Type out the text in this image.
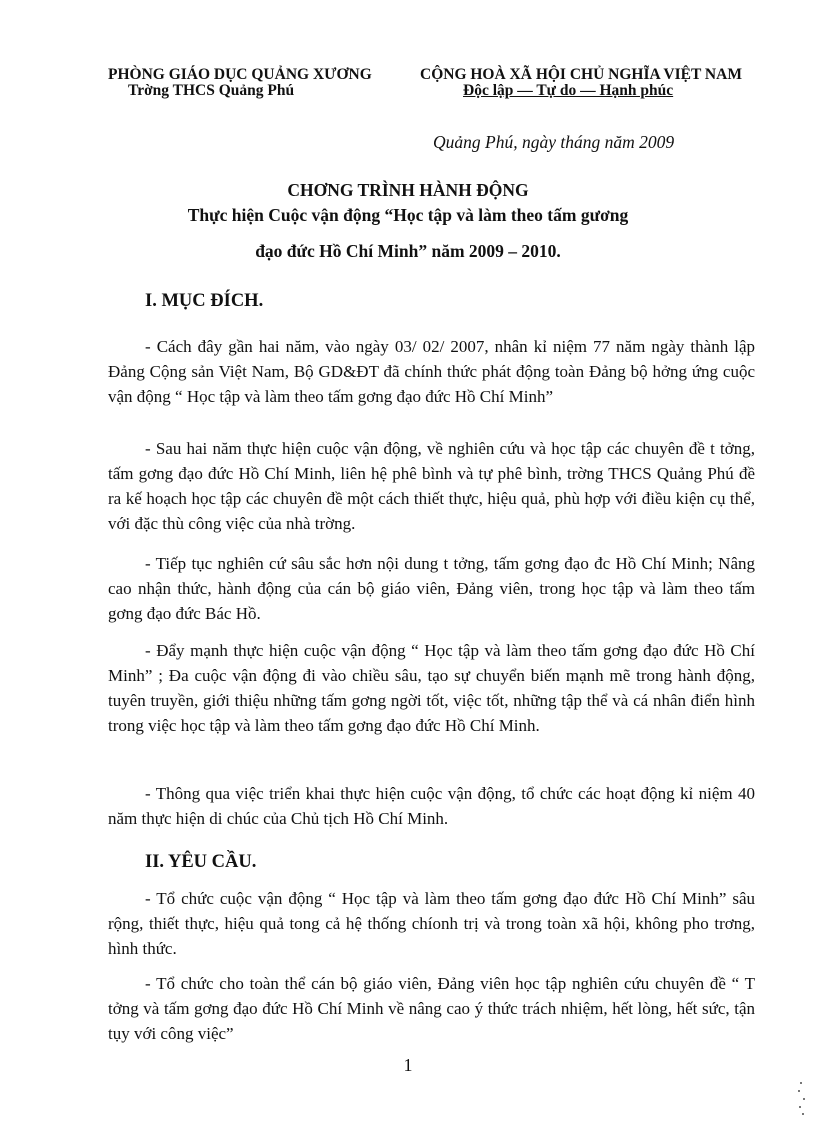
PHÒNG GIÁO DỤC QUẢNG XƯƠNG
Trờng THCS Quảng Phú
CỘNG HOÀ XÃ HỘI CHỦ NGHĨA VIỆT NAM
Độc lập — Tự do — Hạnh phúc
Quảng Phú, ngày tháng năm 2009
CHƠNG TRÌNH HÀNH ĐỘNG
Thực hiện Cuộc vận động “Học tập và làm theo tấm gương
đạo đức Hồ Chí Minh” năm 2009 – 2010.
I. MỤC ĐÍCH.
- Cách đây gần hai năm, vào ngày 03/ 02/ 2007, nhân kỉ niệm 77 năm ngày thành lập Đảng Cộng sản Việt Nam, Bộ GD&ĐT đã chính thức phát động toàn Đảng bộ hởng ứng cuộc vận động “ Học tập và làm theo tấm gơng đạo đức Hồ Chí Minh”
- Sau hai năm thực hiện cuộc vận động, về nghiên cứu và học tập các chuyên đề t tởng, tấm gơng đạo đức Hồ Chí Minh, liên hệ phê bình và tự phê bình, trờng THCS Quảng Phú đề ra kế hoạch học tập các chuyên đề một cách thiết thực, hiệu quả, phù hợp với điều kiện cụ thể, với đặc thù công việc của nhà trờng.
- Tiếp tục nghiên cứ sâu sắc hơn nội dung t tởng, tấm gơng đạo đc Hồ Chí Minh; Nâng cao nhận thức, hành động của cán bộ giáo viên, Đảng viên, trong học tập và làm theo tấm gơng đạo đức Bác Hồ.
- Đẩy mạnh thực hiện cuộc vận động “ Học tập và làm theo tấm gơng đạo đức Hồ Chí Minh” ; Đa cuộc vận động đi vào chiều sâu, tạo sự chuyển biến mạnh mẽ trong hành động, tuyên truyền, giới thiệu những tấm gơng ngời tốt, việc tốt, những tập thể và cá nhân điển hình trong việc học tập và làm theo tấm gơng đạo đức Hồ Chí Minh.
- Thông qua việc triển khai thực hiện cuộc vận động, tổ chức các hoạt động kỉ niệm 40 năm thực hiện di chúc của Chủ tịch Hồ Chí Minh.
II. YÊU CẦU.
- Tổ chức cuộc vận động “ Học tập và làm theo tấm gơng đạo đức Hồ Chí Minh” sâu rộng, thiết thực, hiệu quả tong cả hệ thống chíonh trị và trong toàn xã hội, không pho trơng, hình thức.
- Tổ chức cho toàn thể cán bộ giáo viên, Đảng viên học tập nghiên cứu chuyên đề “ T tởng và tấm gơng đạo đức Hồ Chí Minh về nâng cao ý thức trách nhiệm, hết lòng, hết sức, tận tụy với công việc”
1
